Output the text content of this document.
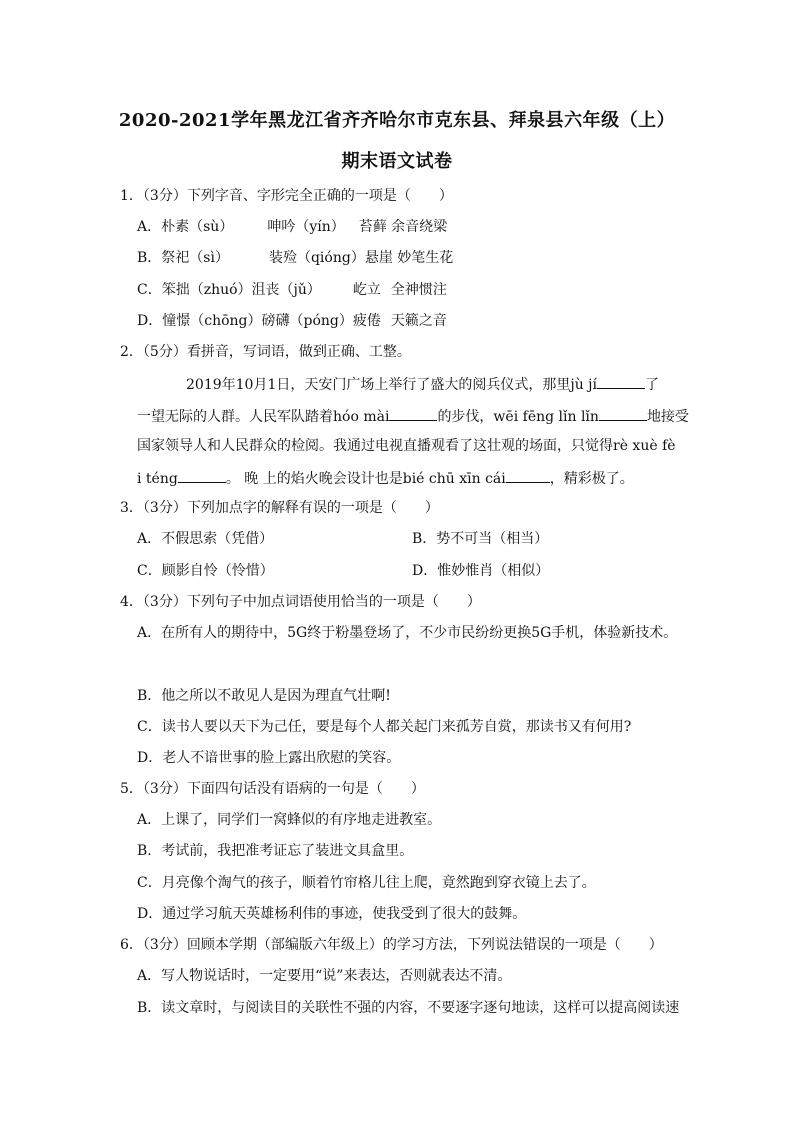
2020-2021学年黑龙江省齐齐哈尔市克东县、拜泉县六年级（上）
期末语文试卷
1．（3分）下列字音、字形完全正确的一项是（　　）
A．朴素（sù） 呻吟（yín） 苔藓 余音绕梁
B．祭祀（sì）	装殓（qióng）悬崖 妙笔生花
C．笨拙（zhuó）沮丧（jǔ） 屹立 全神惯注
D．憧憬（chōng）磅礴（póng）疲倦 天籁之音
2．（5分）看拼音，写词语，做到正确、工整。
2019年10月1日，天安门广场上举行了盛大的阅兵仪式，那里jù jí	了
一望无际的人群。人民军队踏着hóo mài	的步伐，wēi fēng lǐn lǐn	地接受
国家领导人和人民群众的检阅。我通过电视直播观看了这壮观的场面，只觉得rè xuè fè
i téng	。 晚 上的焰火晚会设计也是bié chū xīn cái	，精彩极了。
3．（3分）下列加点字的解释有误的一项是（　　）
A．不假思索（凭借）	B．势不可当（相当）
C．顾影自怜（怜惜）	D．惟妙惟肖（相似）
4．（3分）下列句子中加点词语使用恰当的一项是（　　）
A．在所有人的期待中，5G终于粉墨登场了，不少市民纷纷更换5G手机，体验新技术。
B．他之所以不敢见人是因为理直气壮啊!
C．读书人要以天下为己任，要是每个人都关起门来孤芳自赏，那读书又有何用?
D．老人不谙世事的脸上露出欣慰的笑容。
5．（3分）下面四句话没有语病的一句是（　　）
A．上课了，同学们一窝蜂似的有序地走进教室。
B．考试前，我把准考证忘了装进文具盒里。
C．月亮像个淘气的孩子，顺着竹帘格儿往上爬，竟然跑到穿衣镜上去了。
D．通过学习航天英雄杨利伟的事迹，使我受到了很大的鼓舞。
6．（3分）回顾本学期（部编版六年级上）的学习方法，下列说法错误的一项是（　　）
A．写人物说话时，一定要用“说”来表达，否则就表达不清。
B．读文章时，与阅读目的关联性不强的内容，不要逐字逐句地读，这样可以提高阅读速
